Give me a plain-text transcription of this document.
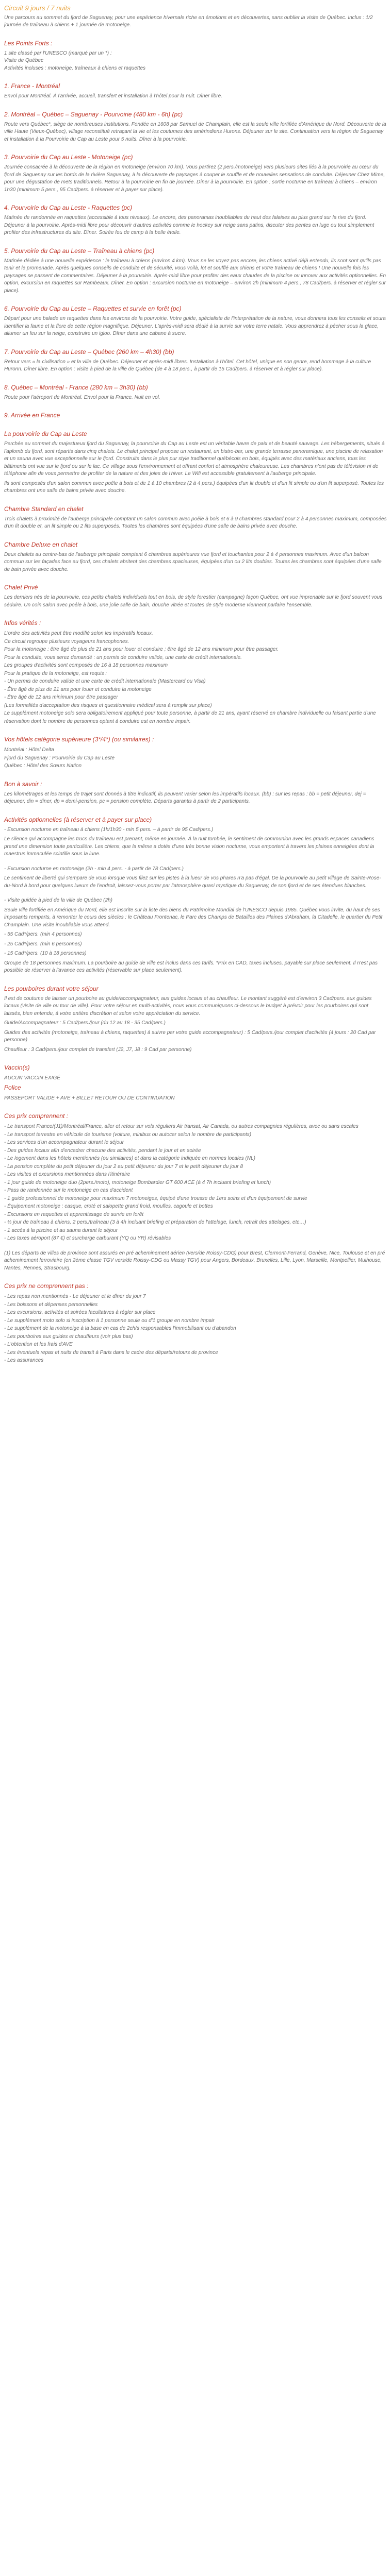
Circuit 9 jours / 7 nuits
Une parcours au sommet du fjord de Saguenay, pour une expérience hivernale riche en émotions et en découvertes, sans oublier la visite de Québec. Inclus : 1/2 journée de traîneau à chiens + 1 journée de motoneige.
Les Points Forts :
1 site classé par l'UNESCO (marqué par un *) :
Visite de Québec
Activités incluses : motoneige, traîneaux à chiens et raquettes
1. France - Montréal
Envol pour Montréal. À l'arrivée, accueil, transfert et installation à l'hôtel pour la nuit. Dîner libre.
2. Montréal – Québec – Saguenay - Pourvoirie (480 km - 6h) (pc)
Route vers Québec*, siège de nombreuses institutions. Fondée en 1608 par Samuel de Champlain, elle est la seule ville fortifiée d'Amérique du Nord. Découverte de la ville Haute (Vieux-Québec), village reconstitué retraçant la vie et les coutumes des amérindiens Hurons. Déjeuner sur le site. Continuation vers la région de Saguenay et installation à la Pourvoirie du Cap au Leste pour 5 nuits. Dîner à la pourvoirie.
3. Pourvoirie du Cap au Leste - Motoneige (pc)
Journée consacrée à la découverte de la région en motoneige (environ 70 km). Vous partirez (2 pers./motoneige) vers plusieurs sites liés à la pourvoirie au cœur du fjord de Saguenay sur les bords de la rivière Saguenay, à la découverte de paysages à couper le souffle et de nouvelles sensations de conduite. Déjeuner Chez Mime, pour une dégustation de mets traditionnels. Retour à la pourvoirie en fin de journée. Dîner à la pourvoirie. En option : sortie nocturne en traîneau à chiens – environ 1h30 (minimum 5 pers., 95 Cad/pers. à réserver et à payer sur place).
4. Pourvoirie du Cap au Leste - Raquettes (pc)
Matinée de randonnée en raquettes (accessible à tous niveaux). Le encore, des panoramas inoubliables du haut des falaises au plus grand sur la rive du fjord. Déjeuner à la pourvoirie. Après-midi libre pour découvrir d'autres activités comme le hockey sur neige sans patins, discuter des pentes en luge ou tout simplement profiter des infrastructures du site. Dîner. Soirée feu de camp à la belle étoile.
5. Pourvoirie du Cap au Leste – Traîneau à chiens (pc)
Matinée dédiée à une nouvelle expérience : le traîneau à chiens (environ 4 km). Vous ne les voyez pas encore, les chiens activé déjà entendu, ils sont sont qu'ils pas tenir et le promenade. Après quelques conseils de conduite et de sécurité, vous voilà, lot et soufflé aux chiens et votre traîneau de chiens ! Une nouvelle fois les paysages se passent de commentaires. Déjeuner à la pourvoirie. Après-midi libre pour profiter des eaux chaudes de la piscine ou innover aux activités optionnelles. En option, excursion en raquettes sur Rambeaux. Dîner. En option : excursion nocturne en motoneige – environ 2h (minimum 4 pers., 78 Cad/pers. à réserver et régler sur place).
6. Pourvoirie du Cap au Leste – Raquettes et survie en forêt (pc)
Départ pour une balade en raquettes dans les environs de la pourvoirie. Votre guide, spécialiste de l'interprétation de la nature, vous donnera tous les conseils et soura identifier la faune et la flore de cette région magnifique. Déjeuner. L'après-midi sera dédié à la survie sur votre terre natale. Vous apprendrez à pêcher sous la glace, allumer un feu sur la neige, construire un igloo. Dîner dans une cabane à sucre.
7. Pourvoirie du Cap au Leste – Québec (260 km – 4h30) (bb)
Retour vers « la civilisation » et la ville de Québec. Déjeuner et après-midi libres. Installation à l'hôtel. Cet hôtel, unique en son genre, rend hommage à la culture Huronn. Dîner libre. En option : visite à pied de la ville de Québec (de 4 à 18 pers., à partir de 15 Cad/pers. à réserver et à régler sur place).
8. Québec – Montréal - France (280 km – 3h30) (bb)
Route pour l'aéroport de Montréal. Envol pour la France. Nuit en vol.
9. Arrivée en France
La pourvoirie du Cap au Leste
Perchée au sommet du majestueux fjord du Saguenay, la pourvoirie du Cap au Leste est un véritable havre de paix et de beauté sauvage. Les hébergements, situés à l'aplomb du fjord, sont répartis dans cinq chalets. Le chalet principal propose un restaurant, un bistro-bar, une grande terrasse panoramique, une piscine de relaxation et un sauna avec vue exceptionnelle sur le fjord. Construits dans le plus pur style traditionnel québécois en bois, équipés avec des matériaux anciens, tous les bâtiments ont vue sur le fjord ou sur le lac. Ce village sous l'environnement et offrant confort et atmosphère chaleureuse. Les chambres n'ont pas de télévision ni de téléphone afin de vous permettre de profiter de la nature et des joies de l'hiver. Le Wifi est accessible gratuitement à l'auberge principale.
Ils sont composés d'un salon commun avec poêle à bois et de 1 à 10 chambres (2 à 4 pers.) équipées d'un lit double et d'un lit simple ou d'un lit superposé. Toutes les chambres ont une salle de bains privée avec douche.
Chambre Standard en chalet
Trois chalets à proximité de l'auberge principale comptant un salon commun avec poêle à bois et 6 à 9 chambres standard pour 2 à 4 personnes maximum, composées d'un lit double et, un lit simple ou 2 lits superposés. Toutes les chambres sont équipées d'une salle de bains privée avec douche.
Chambre Deluxe en chalet
Deux chalets au centre-bas de l'auberge principale comptant 6 chambres supérieures vue fjord et touchantes pour 2 à 4 personnes maximum. Avec d'un balcon commun sur les façades face au fjord, ces chalets abritent des chambres spacieuses, équipées d'un ou 2 lits doubles. Toutes les chambres sont équipées d'une salle de bain privée avec douche.
Chalet Privé
Les derniers nés de la pourvoirie, ces petits chalets individuels tout en bois, de style forestier (campagne) façon Québec, ont vue imprenable sur le fjord souvent vous séduire. Un coin salon avec poêle à bois, une jolie salle de bain, douche vitrée et toutes de style moderne viennent parfaire l'ensemble.
Infos vérités :
L'ordre des activités peut être modifié selon les impératifs locaux.
Ce circuit regroupe plusieurs voyageurs francophones.
Pour la motoneige : être âgé de plus de 21 ans pour louer et conduire ; être âgé de 12 ans minimum pour être passager.
Pour la conduite, vous serez demandé : un permis de conduire valide, une carte de crédit internationale.
Les groupes d'activités sont composés de 16 à 18 personnes maximum
Pour la pratique de la motoneige, est requis :
- Un permis de conduire valide et une carte de crédit internationale (Mastercard ou Visa)
- Être âgé de plus de 21 ans pour louer et conduire la motoneige
- Être âgé de 12 ans minimum pour être passager
(Les formalités d'acceptation des risques et questionnaire médical sera à remplir sur place)
Le supplément motoneige solo sera obligatoirement appliqué pour toute personne, à partir de 21 ans, ayant réservé en chambre individuelle ou faisant partie d'une réservation dont le nombre de personnes optant à conduire est en nombre impair.
Vos hôtels catégorie supérieure (3*/4*) (ou similaires) :
Montréal : Hôtel Delta
Fjord du Saguenay : Pourvoirie du Cap au Leste
Québec : Hôtel des Sœurs Nation
Bon à savoir :
Les kilométrages et les temps de trajet sont donnés à titre indicatif, ils peuvent varier selon les impératifs locaux. (bb) : sur les repas : bb = petit déjeuner, dej = déjeuner, din = dîner, dp = demi-pension, pc = pension complète. Départs garantis à partir de 2 participants.
Activités optionnelles (à réserver et à payer sur place)
- Excursion nocturne en traîneau à chiens (1h/1h30 - min 5 pers. – à partir de 95 Cad/pers.)
Le silence qui accompagne les trucs du traîneau est prenant, même en journée. À la nuit tombée, le sentiment de communion avec les grands espaces canadiens prend une dimension toute particulière. Les chiens, que la même a dotés d'une très bonne vision nocturne, vous emportent à travers les plaines enneigées dont la maestrus immaculée scintille sous la lune.
- Excursion nocturne en motoneige (2h - min 4 pers. - à partir de 78 Cad/pers.)
Le sentiment de liberté qui s'empare de vous lorsque vous filez sur les pistes à la lueur de vos phares n'a pas d'égal. De la pourvoirie au petit village de Sainte-Rose-du-Nord à bord pour quelques lueurs de l'endroit, laissez-vous porter par l'atmosphère quasi mystique du Saguenay, de son fjord et de ses étendues blanches.
- Visite guidée à pied de la ville de Québec (2h)
Seule ville fortifiée en Amérique du Nord, elle est inscrite sur la liste des biens du Patrimoine Mondial de l'UNESCO depuis 1985. Québec vous invite, du haut de ses imposants remparts, à remonter le cours des siècles : le Château Frontenac, le Parc des Champs de Batailles des Plaines d'Abraham, la Citadelle, le quartier du Petit Champlain. Une visite inoubliable vous attend.
- 55 Cad*/pers. (min 4 personnes)
- 25 Cad*/pers. (min 6 personnes)
- 15 Cad*/pers. (10 à 18 personnes)
Groupe de 18 personnes maximum. La pourboire au guide de ville est inclus dans ces tarifs. *Prix en CAD, taxes incluses, payable sur place seulement. Il n'est pas possible de réserver à l'avance ces activités (réservable sur place seulement).
Les pourboires durant votre séjour
Il est de coutume de laisser un pourboire au guide/accompagnateur, aux guides locaux et au chauffeur. Le montant suggéré est d'environ 3 Cad/pers. aux guides locaux (visite de ville ou tour de ville). Pour votre séjour en multi-activités, nous vous communiquons ci-dessous le budget à prévoir pour les pourboires qui sont laissés, bien entendu, à votre entière discrétion et selon votre appréciation du service.
Guide/Accompagnateur : 5 Cad/pers./jour (du 12 au 18 - 35 Cad/pers.)
Guides des activités (motoneige, traîneau à chiens, raquettes) à suivre par votre guide accompagnateur) : 5 Cad/pers./jour complet d'activités (4 jours : 20 Cad par personne)
Chauffeur : 3 Cad/pers./jour complet de transfert (J2, J7, J8 : 9 Cad par personne)
Vaccin(s)
AUCUN VACCIN EXIGÉ
Police
PASSEPORT VALIDE + AVE + BILLET RETOUR OU DE CONTINUATION
Ces prix comprennent :
- Le transport France/(J1)/Montréal/France, aller et retour sur vols réguliers Air transat, Air Canada, ou autres compagnies régulières, avec ou sans escales
- Le transport terrestre en véhicule de tourisme (voiture, minibus ou autocar selon le nombre de participants)
- Les services d'un accompagnateur durant le séjour
- Des guides locaux afin d'encadrer chacune des activités, pendant le jour et en soirée
- Le logement dans les hôtels mentionnés (ou similaires) et dans la catégorie indiquée en normes locales (NL)
- La pension complète du petit déjeuner du jour 2 au petit déjeuner du jour 7 et le petit déjeuner du jour 8
- Les visites et excursions mentionnées dans l'itinéraire
- 1 jour guide de motoneige duo (2pers./moto), motoneige Bombardier GT 600 ACE (à 4 7h incluant briefing et lunch)
- Pass de randonnée sur le motoneige en cas d'accident
- 1 guide professionnel de motoneige pour maximum 7 motoneiges, équipé d'une trousse de 1ers soins et d'un équipement de survie
- Équipement motoneige : casque, croté et salopette grand froid, moufles, cagoule et bottes
- Excursions en raquettes et apprentissage de survie en forêt
- ½ jour de traîneau à chiens, 2 pers./traîneau (3 à 4h incluant briefing et préparation de l'attelage, lunch, retrait des attelages, etc…)
- 1 accès à la piscine et au sauna durant le séjour
- Les taxes aéroport (87 €) et surcharge carburant (YQ ou YR) révisables
(1) Les départs de villes de province sont assurés en pré acheminement aérien (vers/de Roissy-CDG) pour Brest, Clermont-Ferrand, Genève, Nice, Toulouse et en pré acheminement ferroviaire (en 2ème classe TGV vers/de Roissy-CDG ou Massy TGV) pour Angers, Bordeaux, Bruxelles, Lille, Lyon, Marseille, Montpellier, Mulhouse, Nantes, Rennes, Strasbourg.
Ces prix ne comprennent pas :
- Les repas non mentionnés - Le déjeuner et le dîner du jour 7
- Les boissons et dépenses personnelles
- Les excursions, activités et soirées facultatives à régler sur place
- Le supplément moto solo si inscription à 1 personne seule ou d'1 groupe en nombre impair
- Le supplément de la motoneige à la base en cas de 2ch/s responsables l'immobilisant ou d'abandon
- Les pourboires aux guides et chauffeurs (voir plus bas)
- L'obtention et les frais d'AVE
- Les éventuels repas et nuits de transit à Paris dans le cadre des départs/retours de province
- Les assurances
